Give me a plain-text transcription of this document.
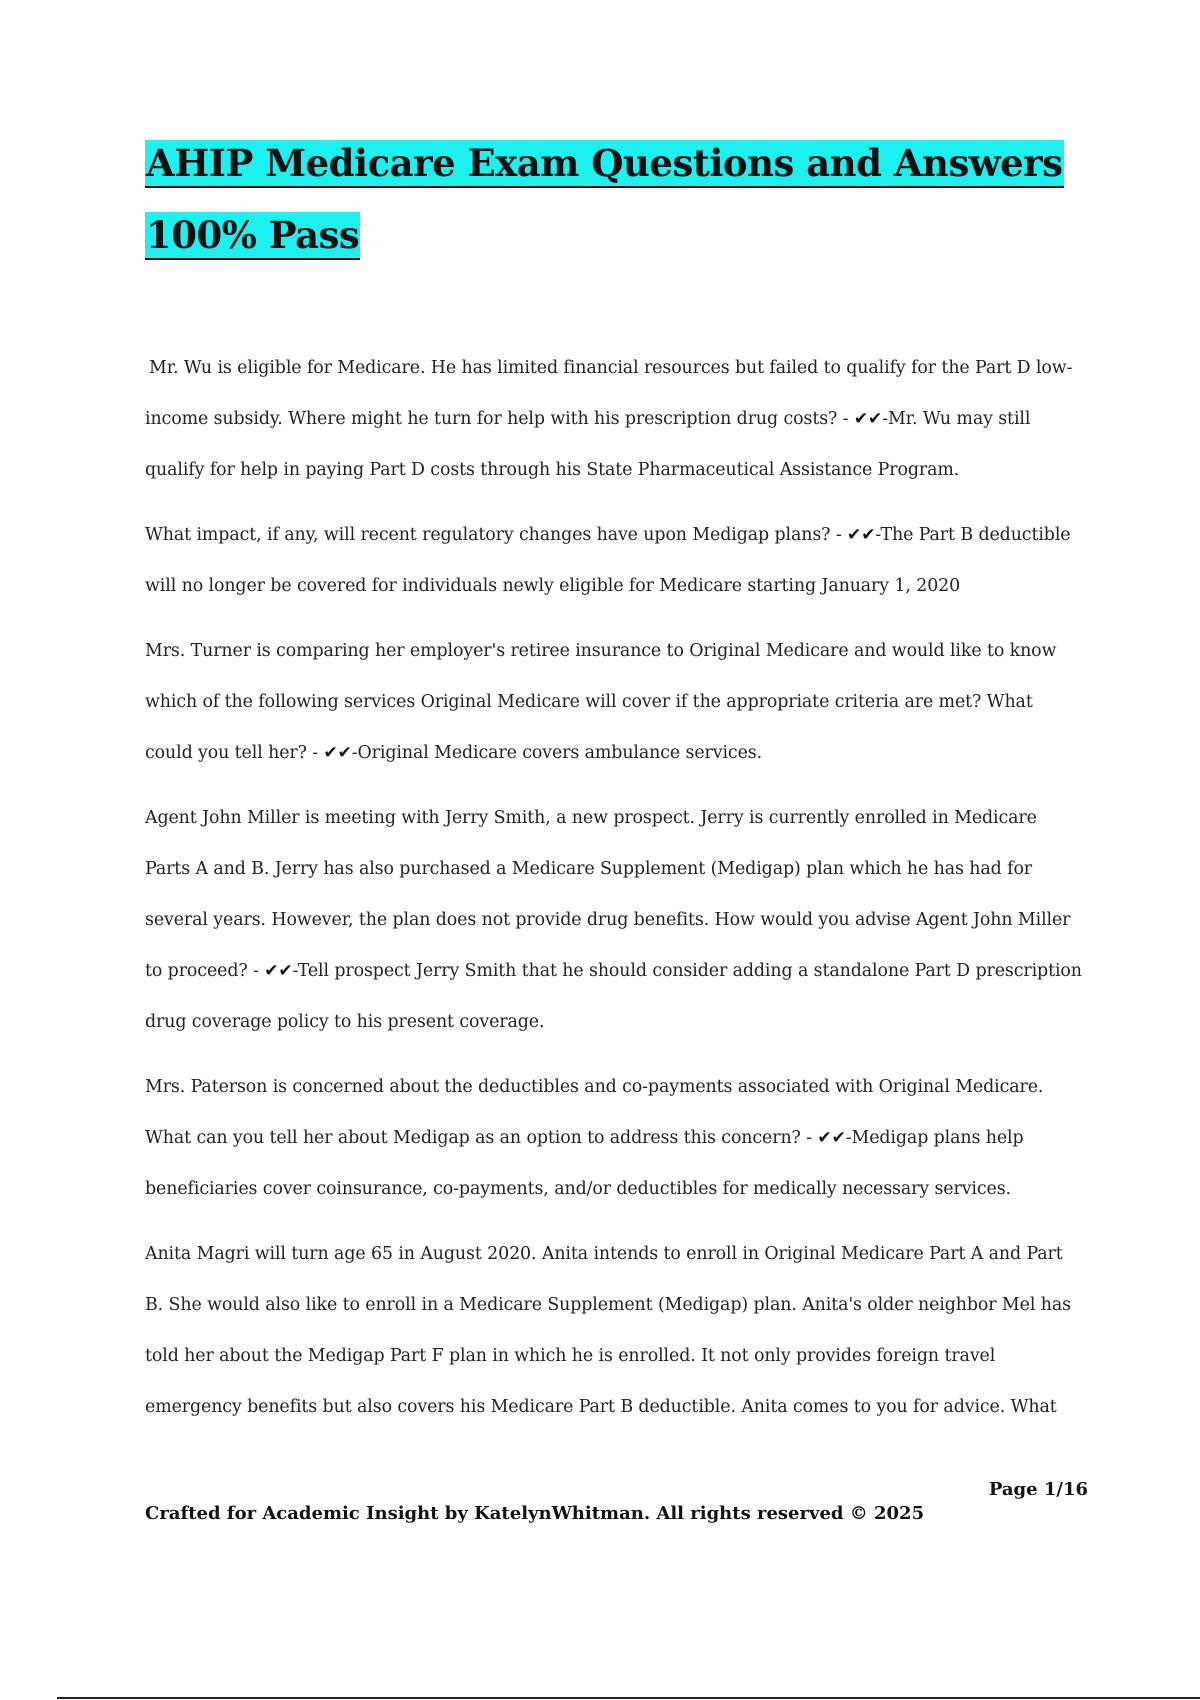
AHIP Medicare Exam Questions and Answers
100% Pass

Mr. Wu is eligible for Medicare. He has limited financial resources but failed to qualify for the Part D low-income subsidy. Where might he turn for help with his prescription drug costs? - ✔✔-Mr. Wu may still qualify for help in paying Part D costs through his State Pharmaceutical Assistance Program.

What impact, if any, will recent regulatory changes have upon Medigap plans? - ✔✔-The Part B deductible will no longer be covered for individuals newly eligible for Medicare starting January 1, 2020

Mrs. Turner is comparing her employer's retiree insurance to Original Medicare and would like to know which of the following services Original Medicare will cover if the appropriate criteria are met? What could you tell her? - ✔✔-Original Medicare covers ambulance services.

Agent John Miller is meeting with Jerry Smith, a new prospect. Jerry is currently enrolled in Medicare Parts A and B. Jerry has also purchased a Medicare Supplement (Medigap) plan which he has had for several years. However, the plan does not provide drug benefits. How would you advise Agent John Miller to proceed? - ✔✔-Tell prospect Jerry Smith that he should consider adding a standalone Part D prescription drug coverage policy to his present coverage.

Mrs. Paterson is concerned about the deductibles and co-payments associated with Original Medicare. What can you tell her about Medigap as an option to address this concern? - ✔✔-Medigap plans help beneficiaries cover coinsurance, co-payments, and/or deductibles for medically necessary services.

Anita Magri will turn age 65 in August 2020. Anita intends to enroll in Original Medicare Part A and Part B. She would also like to enroll in a Medicare Supplement (Medigap) plan. Anita's older neighbor Mel has told her about the Medigap Part F plan in which he is enrolled. It not only provides foreign travel emergency benefits but also covers his Medicare Part B deductible. Anita comes to you for advice. What

Page 1/16
Crafted for Academic Insight by KatelynWhitman. All rights reserved © 2025
